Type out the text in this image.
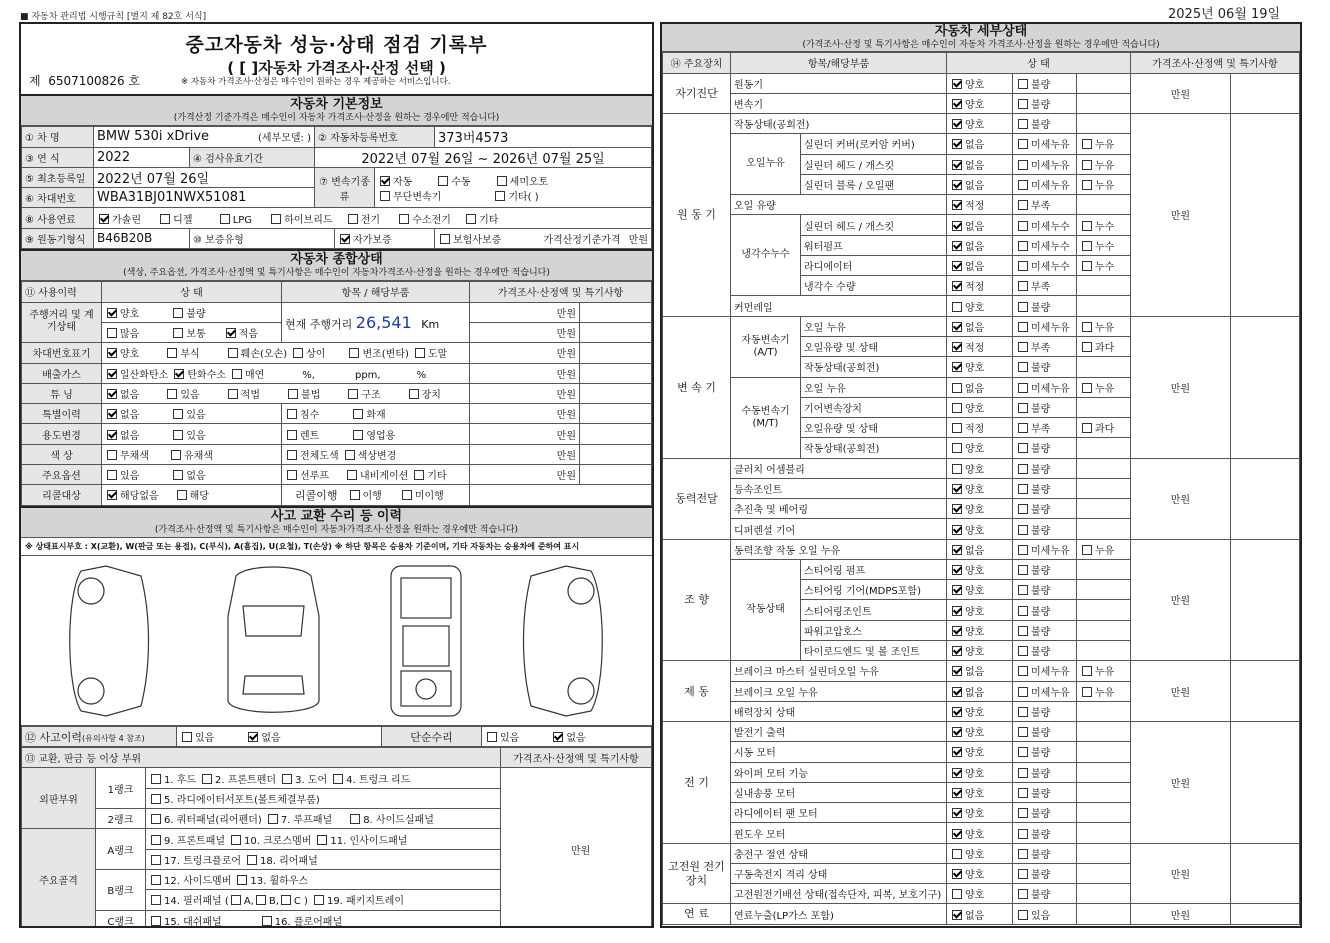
■ 자동차 관리법 시행규칙 [별지 제 82호 서식]	2025년 06월 19일
중고자동차 성능·상태 점검 기록부
( [ ]자동차 가격조사·산정 선택 )
제 6507100826 호	※ 자동차 가격조사·산정은 매수인이 원하는 경우 제공하는 서비스입니다.
자동차 기본정보
(가격산정 기준가격은 매수인이 자동차 가격조사·산정을 원하는 경우에만 적습니다)
① 차 명	BMW 530i xDrive (세부모델: )		② 자동차등록번호			373버4573
③ 연 식	2022	④ 검사유효기간	2022년 07월 26일 ~ 2026년 07월 25일			
⑤ 최초등록일	2022년 07월 26일		⑦ 변속기종류		자동 수동 세미오토
무단변속기 기타( )	

⑥ 차대번호	WBA31BJ01NWX51081					
⑧ 사용연료	가솔린 디젤 LPG 하이브리드 전기 수소전기 기타					
⑨ 원동기형식	B46B20B	⑩ 보증유형		자가보증		보험사보증 가격산정기준가격 만원
자동차 종합상태
(색상, 주요옵션, 가격조사·산정액 및 특기사항은 매수인이 자동차가격조사·산정을 원하는 경우에만 적습니다)
⑪ 사용이력	상 태	항목 / 해당부품	가격조사·산정액 및 특기사항	
주행거리 및 계기상태	양호 불량	현재 주행거리 26,541 Km	만원	
	많음 보통 적음		만원	
차대번호표기	양호 부식 훼손(오손) 상이 변조(변타) 도말		만원	
배출가스	일산화탄소 탄화수소 매연 %, ppm, %		만원	
튜 닝	없음 있음 적법 불법 구조 장치		만원	
특별이력	없음 있음	침수 화재	만원	
용도변경	없음 있음	렌트 영업용	만원	
색 상	무채색 유채색	전체도색 색상변경	만원	
주요옵션	있음 없음	선루프 내비게이션 기타	만원	
리콜대상	해당없음 해당	리콜이행 이행 미이행		
사고 교환 수리 등 이력
(가격조사·산정액 및 특기사항은 매수인이 자동차가격조사·산정을 원하는 경우에만 적습니다)
※ 상태표시부호 : X(교환), W(판금 또는 용접), C(부식), A(흠집), U(요철), T(손상) ※ 하단 항목은 승용차 기준이며, 기타 자동차는 승용차에 준하여 표시
⑫ 사고이력(유의사항 4 참조)	있음	없음	단순수리	있음	없음
⑬ 교환, 판금 등 이상 부위			가격조사·산정액 및 특기사항
외판부위	1랭크	1. 후드 2. 프론트펜더 3. 도어 4. 트렁크 리드	만원
		5. 라디에이터서포트(볼트체결부품)	
	2랭크	6. 쿼터패널(리어펜더) 7. 루프패널 8. 사이드실패널	
주요골격	A랭크	9. 프론트패널 10. 크로스멤버 11. 인사이드패널	
		17. 트렁크플로어 18. 리어패널	
	B랭크	12. 사이드멤버 13. 휠하우스	
		14. 필러패널 ( A, B, C ) 19. 패키지트레이	
	C랭크	15. 대쉬패널 16. 플로어패널	
자동차 세부상태
(가격조사·산정 및 특기사항은 매수인이 자동차 가격조사·산정을 원하는 경우에만 적습니다)
⑭ 주요장치	항목/해당부품		상 태			가격조사·산정액 및 특기사항	
자기진단	원동기		양호	불량		만원	
	변속기		양호	불량			
원 동 기	작동상태(공회전)		양호	불량		만원	
	오일누유	실린더 커버(로커암 커버)	없음	미세누유	누유		
		실린더 헤드 / 개스킷	없음	미세누유	누유		
		실린더 블록 / 오일팬	없음	미세누유	누유		
	오일 유량		적정	부족			
	냉각수누수	실린더 헤드 / 개스킷	없음	미세누수	누수		
		워터펌프	없음	미세누수	누수		
		라디에이터	없음	미세누수	누수		
		냉각수 수량	적정	부족			
	커먼레일		양호	불량			
변 속 기	자동변속기 (A/T)	오일 누유	없음	미세누유	누유	만원	
		오일유량 및 상태	적정	부족	과다		
		작동상태(공회전)	양호	불량			
	수동변속기 (M/T)	오일 누유	없음	미세누유	누유		
		기어변속장치	양호	불량			
		오일유량 및 상태	적정	부족	과다		
		작동상태(공회전)	양호	불량			
동력전달	클러치 어셈블리		양호	불량		만원	
	등속조인트		양호	불량			
	추진축 및 베어링		양호	불량			
	디퍼렌셜 기어		양호	불량			
조 향	동력조향 작동 오일 누유		없음	미세누유	누유	만원	
	작동상태	스티어링 펌프	양호	불량			
		스티어링 기어(MDPS포함)	양호	불량			
		스티어링조인트	양호	불량			
		파워고압호스	양호	불량			
		타이로드엔드 및 볼 조인트	양호	불량			
제 동	브레이크 마스터 실린더오일 누유		없음	미세누유	누유	만원	
	브레이크 오일 누유		없음	미세누유	누유		
	배력장치 상태		양호	불량			
전 기	발전기 출력		양호	불량		만원	
	시동 모터		양호	불량			
	와이퍼 모터 기능		양호	불량			
	실내송풍 모터		양호	불량			
	라디에이터 팬 모터		양호	불량			
	윈도우 모터		양호	불량			
고전원 전기장치	충전구 절연 상태		양호	불량		만원	
	구동축전지 격리 상태		양호	불량			
	고전원전기배선 상태(접속단자, 피복, 보호기구)		양호	불량			
연 료	연료누출(LP가스 포함)		없음	있음		만원	
